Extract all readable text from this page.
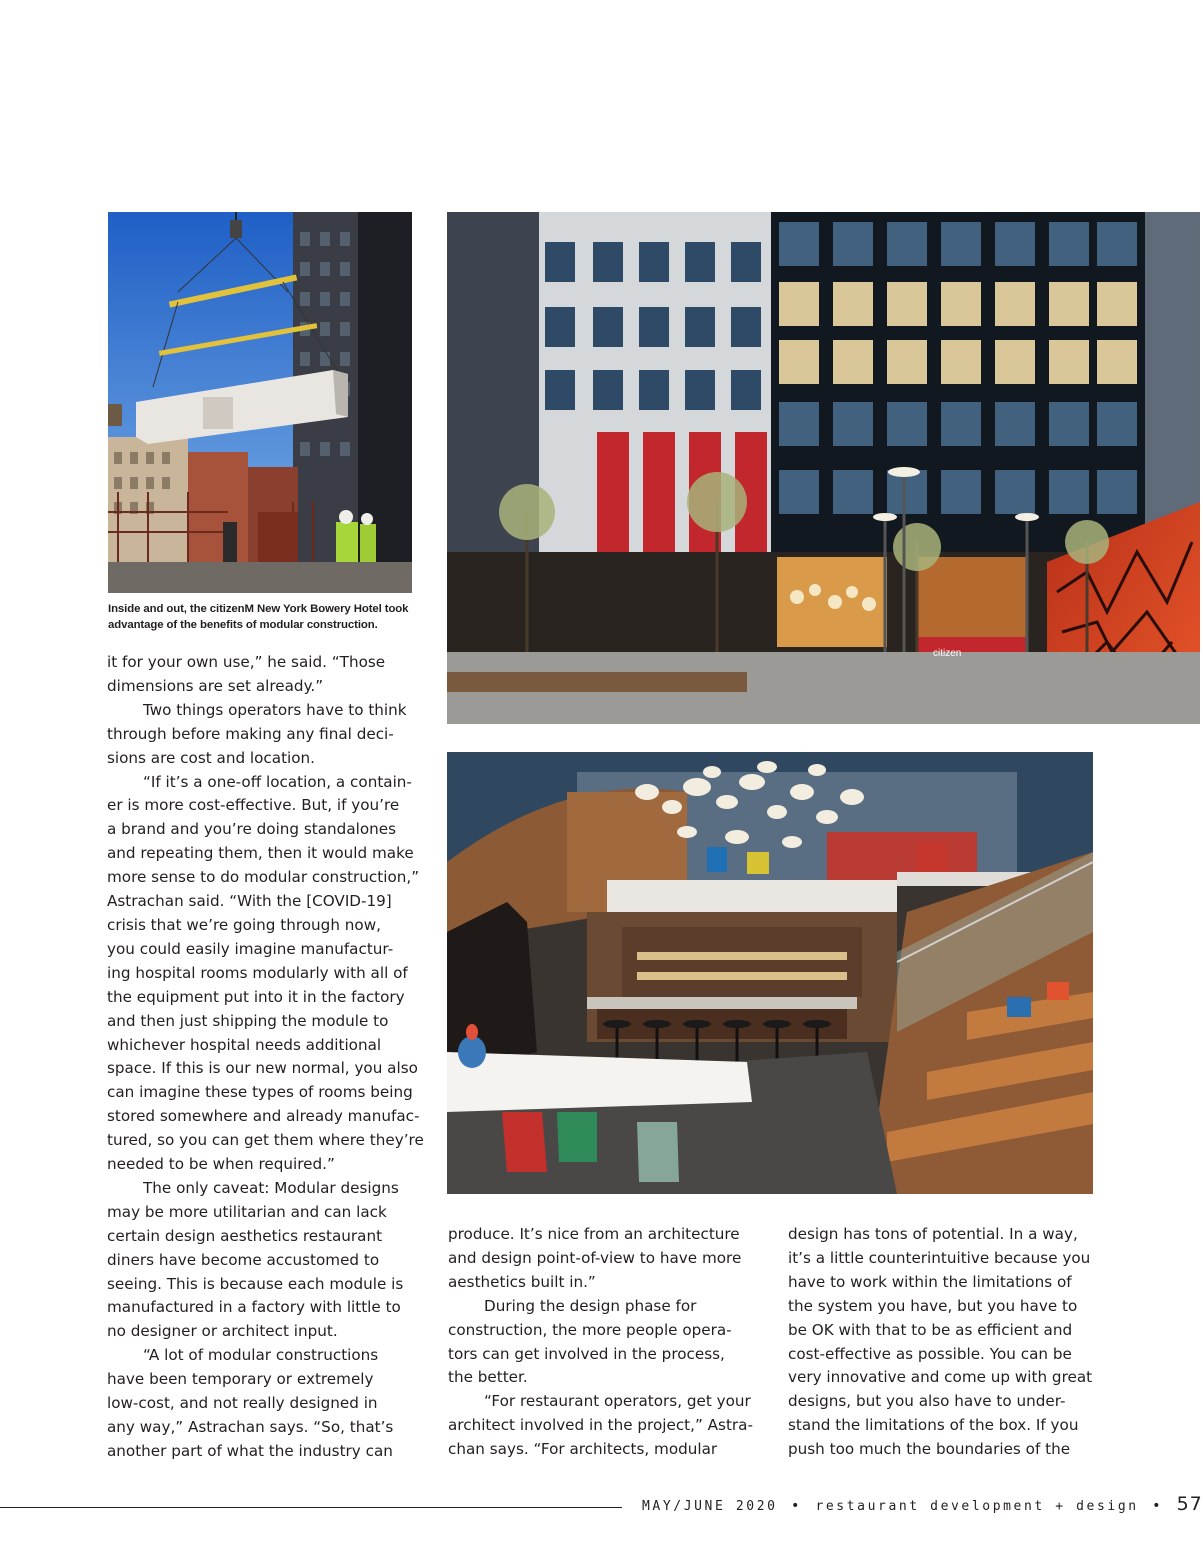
Inside and out, the citizenM New York Bowery Hotel took advantage of the benefits of modular construction.
citizen

it for your own use,” he said. “Those

dimensions are set already.”

Two things operators have to think

through before making any final deci-

sions are cost and location.

“If it’s a one-off location, a contain-

er is more cost-effective. But, if you’re

a brand and you’re doing standalones

and repeating them, then it would make

more sense to do modular construction,”

Astrachan said. “With the [COVID-19]

crisis that we’re going through now,

you could easily imagine manufactur-

ing hospital rooms modularly with all of

the equipment put into it in the factory

and then just shipping the module to

whichever hospital needs additional

space. If this is our new normal, you also

can imagine these types of rooms being

stored somewhere and already manufac-

tured, so you can get them where they’re

needed to be when required.”

The only caveat: Modular designs

may be more utilitarian and can lack

certain design aesthetics restaurant

diners have become accustomed to

seeing. This is because each module is

manufactured in a factory with little to

no designer or architect input.

“A lot of modular constructions

have been temporary or extremely

low-cost, and not really designed in

any way,” Astrachan says. “So, that’s

another part of what the industry can

produce. It’s nice from an architecture

and design point-of-view to have more

aesthetics built in.”

During the design phase for

construction, the more people opera-

tors can get involved in the process,

the better.

“For restaurant operators, get your

architect involved in the project,” Astra-

chan says. “For architects, modular

design has tons of potential. In a way,

it’s a little counterintuitive because you

have to work within the limitations of

the system you have, but you have to

be OK with that to be as efficient and

cost-effective as possible. You can be

very innovative and come up with great

designs, but you also have to under-

stand the limitations of the box. If you

push too much the boundaries of the

MAY/JUNE 2020 • restaurant development + design • 57
